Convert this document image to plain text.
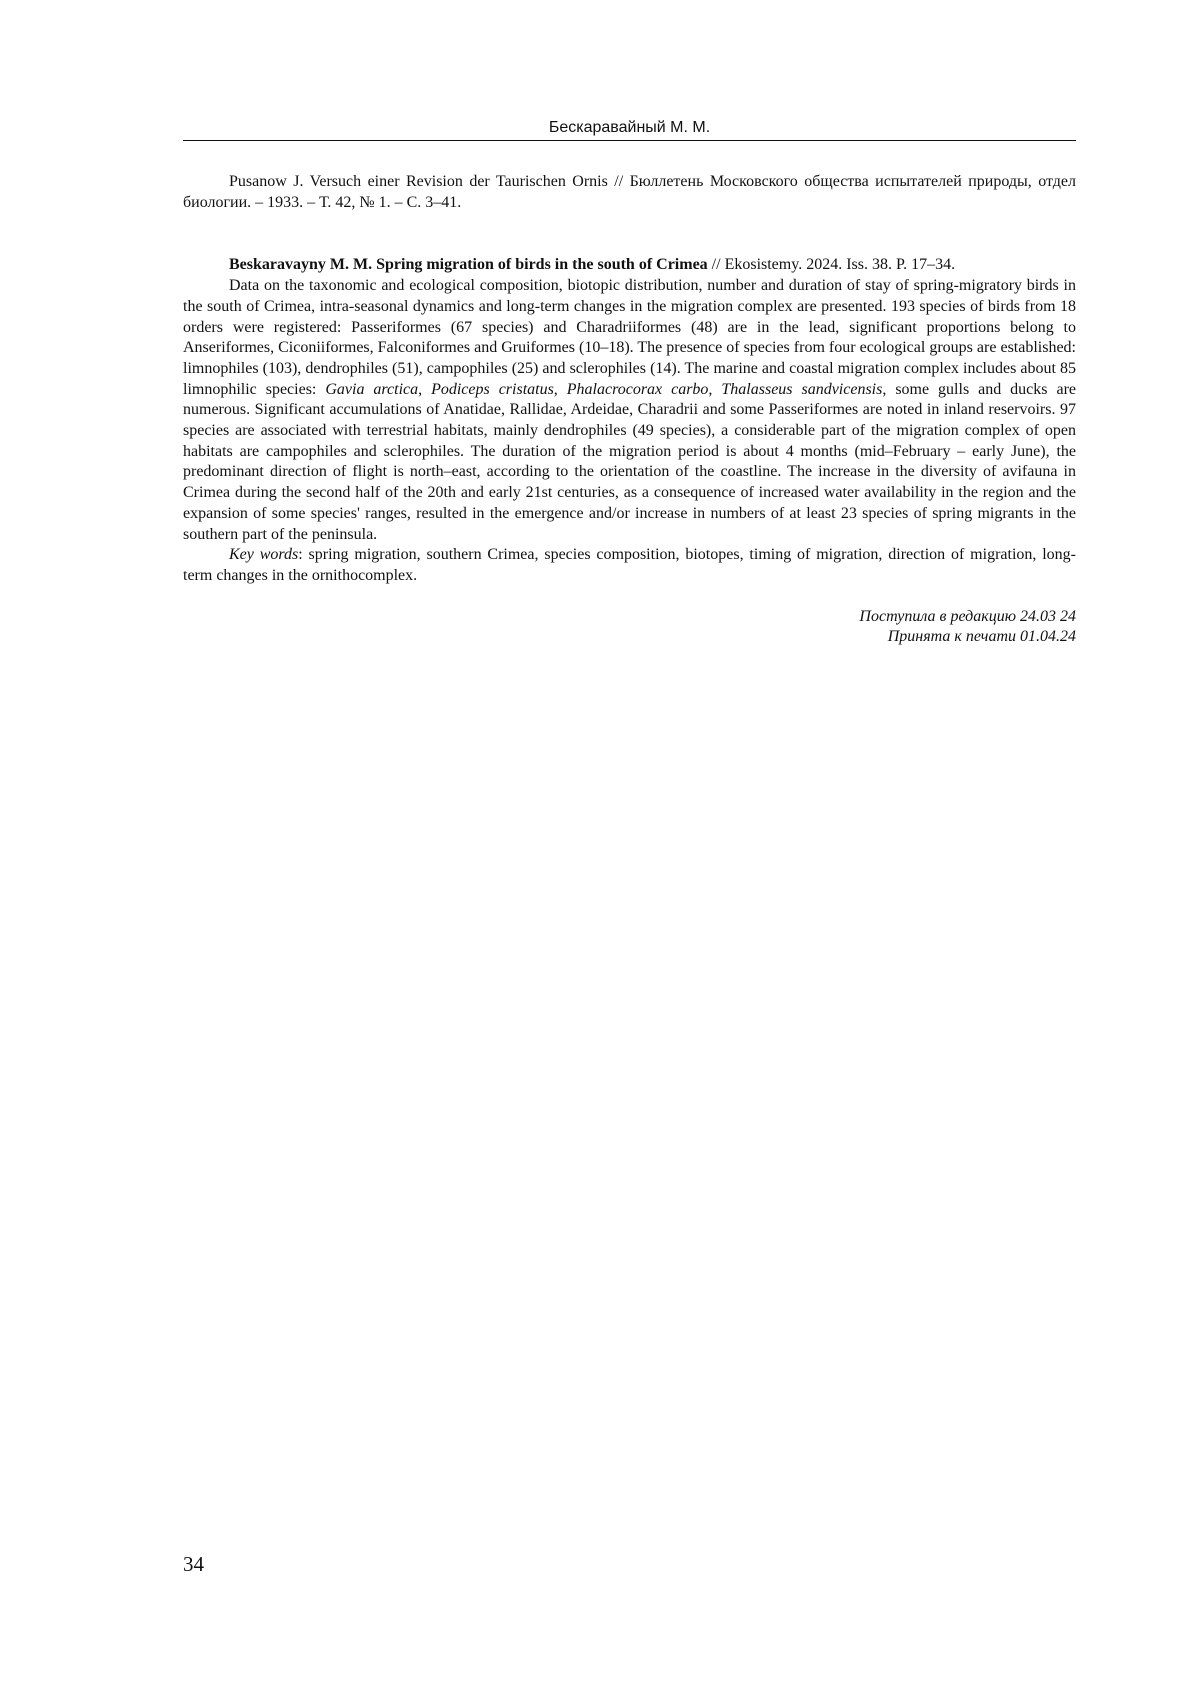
Бескаравайный М. М.

Pusanow J. Versuch einer Revision der Taurischen Ornis // Бюллетень Московского общества испытателей природы, отдел биологии. – 1933. – Т. 42, № 1. – С. 3–41.

Beskaravayny M. M. Spring migration of birds in the south of Crimea // Ekosistemy. 2024. Iss. 38. P. 17–34.

Data on the taxonomic and ecological composition, biotopic distribution, number and duration of stay of spring-migratory birds in the south of Crimea, intra-seasonal dynamics and long-term changes in the migration complex are presented. 193 species of birds from 18 orders were registered: Passeriformes (67 species) and Charadriiformes (48) are in the lead, significant proportions belong to Anseriformes, Ciconiiformes, Falconiformes and Gruiformes (10–18). The presence of species from four ecological groups are established: limnophiles (103), dendrophiles (51), campophiles (25) and sclerophiles (14). The marine and coastal migration complex includes about 85 limnophilic species: Gavia arctica, Podiceps cristatus, Phalacrocorax carbo, Thalasseus sandvicensis, some gulls and ducks are numerous. Significant accumulations of Anatidae, Rallidae, Ardeidae, Charadrii and some Passeriformes are noted in inland reservoirs. 97 species are associated with terrestrial habitats, mainly dendrophiles (49 species), a considerable part of the migration complex of open habitats are campophiles and sclerophiles. The duration of the migration period is about 4 months (mid–February – early June), the predominant direction of flight is north–east, according to the orientation of the coastline. The increase in the diversity of avifauna in Crimea during the second half of the 20th and early 21st centuries, as a consequence of increased water availability in the region and the expansion of some species' ranges, resulted in the emergence and/or increase in numbers of at least 23 species of spring migrants in the southern part of the peninsula.

Key words: spring migration, southern Crimea, species composition, biotopes, timing of migration, direction of migration, long-term changes in the ornithocomplex.

Поступила в редакцию 24.03 24
Принята к печати 01.04.24

34
